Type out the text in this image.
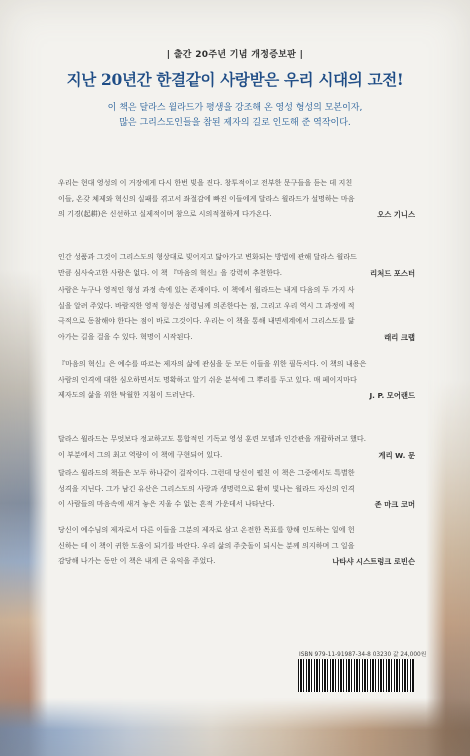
| 출간 20주년 기념 개정증보판 |
지난 20년간 한결같이 사랑받은 우리 시대의 고전!
이 책은 달라스 윌라드가 평생을 강조해 온 영성 형성의 모본이자,
많은 그리스도인들을 참된 제자의 길로 인도해 준 역작이다.
우리는 현대 영성의 이 거장에게 다시 한번 빚을 진다. 창투적이고 전부한 문구들을 듣는 데 지친
이들, 온갖 체제와 혁신의 실패를 겪고서 좌절감에 빠진 이들에게 달라스 윌라드가 설명하는 마음
의 기경(起耕)은 신선하고 실제적이며 참으로 시의적절하게 다가온다.	오스 기니스
인간 성품과 그것이 그리스도의 형상대로 빚어지고 닮아가고 변화되는 방법에 관해 달라스 윌라드
만큼 심사숙고한 사람은 없다. 이 책 『마음의 혁신』을 강력히 추천한다.	리처드 포스터
사람은 누구나 영적인 형성 과정 속에 있는 존재이다. 이 책에서 윌라드는 내게 다음의 두 가지 사
실을 알려 주었다. 바람직한 영적 형성은 성령님께 의존한다는 점, 그리고 우리 역시 그 과정에 적
극적으로 동참해야 한다는 점이 바로 그것이다. 우리는 이 책을 통해 내면세계에서 그리스도를 닮
아가는 길을 걸을 수 있다. 혁명이 시작된다.	래리 크랩
『마음의 혁신』은 예수를 따르는 제자의 삶에 관심을 둔 모든 이들을 위한 필독서다. 이 책의 내용은
사람의 인격에 대한 심오하면서도 명확하고 알기 쉬운 분석에 그 뿌리를 두고 있다. 매 페이지마다
제자도의 삶을 위한 탁월한 지침이 드러난다.	J. P. 모어랜드
달라스 윌라드는 무엇보다 정교하고도 통합적인 기독교 영성 훈련 모델과 인간관을 개괄하려고 했다.
이 부분에서 그의 최고 역량이 이 책에 구현되어 있다.	게리 W. 문
달라스 윌라드의 책들은 모두 하나같이 걸작이다. 그런데 당신이 펼친 이 책은 그중에서도 특별한
성격을 지닌다. 그가 남긴 유산은 그리스도의 사랑과 생명력으로 환히 빛나는 윌라드 자신의 인격
이 사람들의 마음속에 새겨 놓은 지울 수 없는 흔적 가운데서 나타난다.	존 마크 코머
당신이 예수님의 제자로서 다른 이들을 그분의 제자로 삼고 온전한 목표를 향해 인도하는 일에 헌
신하는 데 이 책이 귀한 도움이 되기를 바란다. 우리 삶의 주춧돌이 되시는 분께 의지하며 그 일을
감당해 나가는 동안 이 책은 내게 큰 유익을 주었다.	나타샤 시스트렁크 로빈슨
ISBN 979-11-91987-34-8 03230 값 24,000원
